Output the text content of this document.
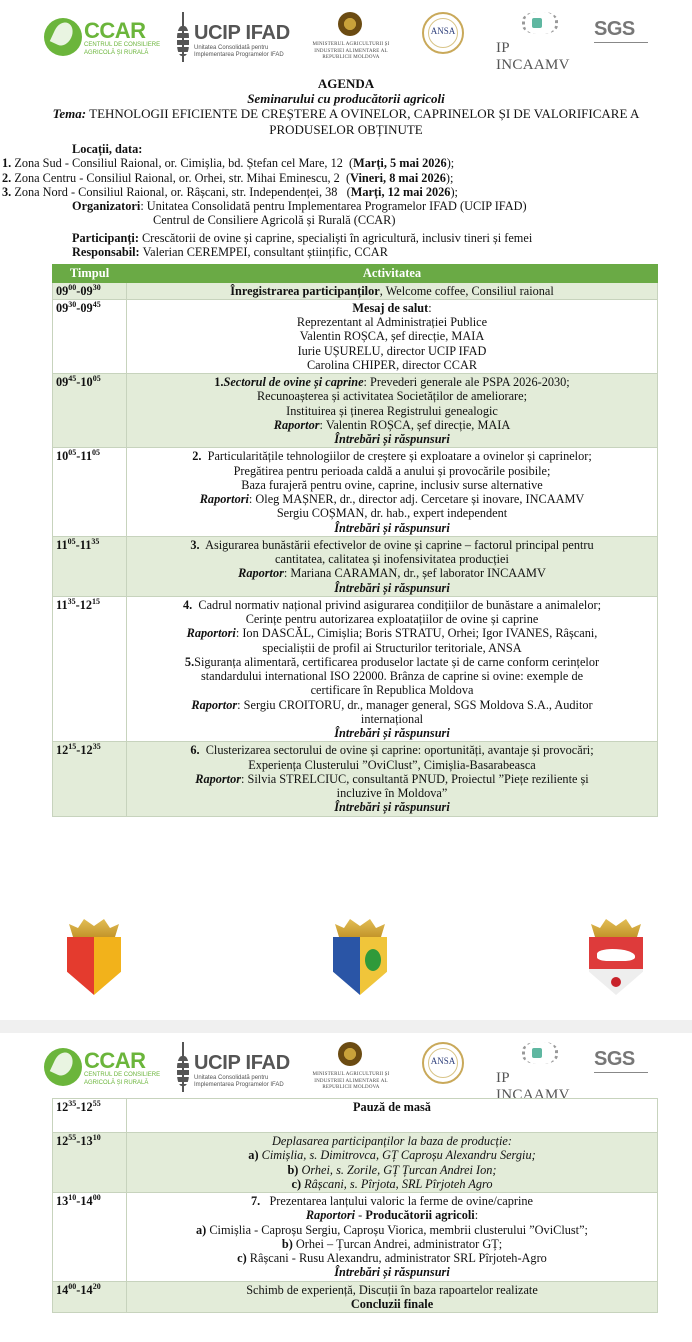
CCAR
CENTRUL DE CONSILIERE AGRICOLĂ ȘI RURALĂ
UCIP IFAD
Unitatea Consolidată pentru Implementarea Programelor IFAD
MINISTERUL AGRICULTURII ȘI INDUSTRIEI ALIMENTARE AL REPUBLICII MOLDOVA
ANSA
IP INCAAMV
SGS
AGENDA
Seminarului cu producătorii agricoli
Tema: TEHNOLOGII EFICIENTE DE CREȘTERE A OVINELOR, CAPRINELOR ȘI DE VALORIFICARE A PRODUSELOR OBȚINUTE
Locații, data:
1. Zona Sud - Consiliul Raional, or. Cimișlia, bd. Ștefan cel Mare, 12  (Marți, 5 mai 2026);
2. Zona Centru - Consiliul Raional, or. Orhei, str. Mihai Eminescu, 2  (Vineri, 8 mai 2026);
3. Zona Nord - Consiliul Raional, or. Râșcani, str. Independenței, 38   (Marți, 12 mai 2026);
Organizatori : Unitatea Consolidată pentru Implementarea Programelor IFAD (UCIP IFAD)
Centrul de Consiliere Agricolă și Rurală (CCAR)
Participanți: Crescătorii de ovine și caprine, specialiști în agricultură, inclusiv tineri și femei
Responsabil: Valerian CEREMPEI, consultant științific, CCAR
Timpul	Activitatea
$09^{00}-09^{30}$	Înregistrarea participanților, Welcome coffee, Consiliul raional
$09^{30}-09^{45}$	Mesaj de salut:
Reprezentant al Administrației Publice
Valentin ROȘCA, șef direcție, MAIA
Iurie UȘURELU, director UCIP IFAD
Carolina CHIPER, director CCAR

$09^{45}-10^{05}$	1.Sectorul de ovine și caprine: Prevederi generale ale PSPA 2026-2030;
Recunoașterea și activitatea Societăților de ameliorare;
Instituirea și ținerea Registrului genealogic
Raportor: Valentin ROȘCA, șef direcție, MAIA
Întrebări și răspunsuri

$10^{05}-11^{05}$	2. Particularitățile tehnologiilor de creștere și exploatare a ovinelor și caprinelor;
Pregătirea pentru perioada caldă a anului și provocările posibile;
Baza furajeră pentru ovine, caprine, inclusiv surse alternative
Raportori: Oleg MAȘNER, dr., director adj. Cercetare și inovare, INCAAMV
Sergiu COȘMAN, dr. hab., expert independent
Întrebări și răspunsuri

$11^{05}-11^{35}$	3. Asigurarea bunăstării efectivelor de ovine și caprine – factorul principal pentru
cantitatea, calitatea și inofensivitatea producției
Raportor: Mariana CARAMAN, dr., șef laborator INCAAMV
Întrebări și răspunsuri

$11^{35}-12^{15}$	4. Cadrul normativ național privind asigurarea condițiilor de bunăstare a animalelor;
Cerințe pentru autorizarea exploatațiilor de ovine și caprine
Raportori: Ion DASCĂL, Cimișlia; Boris STRATU, Orhei; Igor IVANES, Râșcani,
specialiștii de profil ai Structurilor teritoriale, ANSA
5.Siguranța alimentară, certificarea produselor lactate și de carne conform cerințelor
standardului international ISO 22000. Brânza de caprine si ovine: exemple de
certificare în Republica Moldova
Raportor: Sergiu CROITORU, dr., manager general, SGS Moldova S.A., Auditor
internațional
Întrebări și răspunsuri

$12^{15}-12^{35}$	6. Clusterizarea sectorului de ovine și caprine: oportunități, avantaje și provocări;
Experiența Clusterului ”OviClust”, Cimișlia-Basarabeasca
Raportor: Silvia STRELCIUC, consultantă PNUD, Proiectul ”Piețe reziliente și
incluzive în Moldova”
Întrebări și răspunsuri
CCAR
CENTRUL DE CONSILIERE AGRICOLĂ ȘI RURALĂ
UCIP IFAD
Unitatea Consolidată pentru Implementarea Programelor IFAD
MINISTERUL AGRICULTURII ȘI INDUSTRIEI ALIMENTARE AL REPUBLICII MOLDOVA
ANSA
IP INCAAMV
SGS
$12^{35}-12^{55}$	Pauză de masă
$12^{55}-13^{10}$	Deplasarea participanților la baza de producție:
a) Cimișlia, s. Dimitrovca, GȚ Caproșu Alexandru Sergiu;
b) Orhei, s. Zorile, GȚ Țurcan Andrei Ion;
c) Râșcani, s. Pîrjota, SRL Pîrjoteh Agro

$13^{10}-14^{00}$	7. Prezentarea lanțului valoric la ferme de ovine/caprine
Raportori - Producătorii agricoli:
a) Cimișlia - Caproșu Sergiu, Caproșu Viorica, membrii clusterului ”OviClust”;
b) Orhei – Țurcan Andrei, administrator GȚ;
c) Râșcani - Rusu Alexandru, administrator SRL Pîrjoteh-Agro
Întrebări și răspunsuri

$14^{00}-14^{20}$	Schimb de experiență, Discuții în baza rapoartelor realizate
Concluzii finale
